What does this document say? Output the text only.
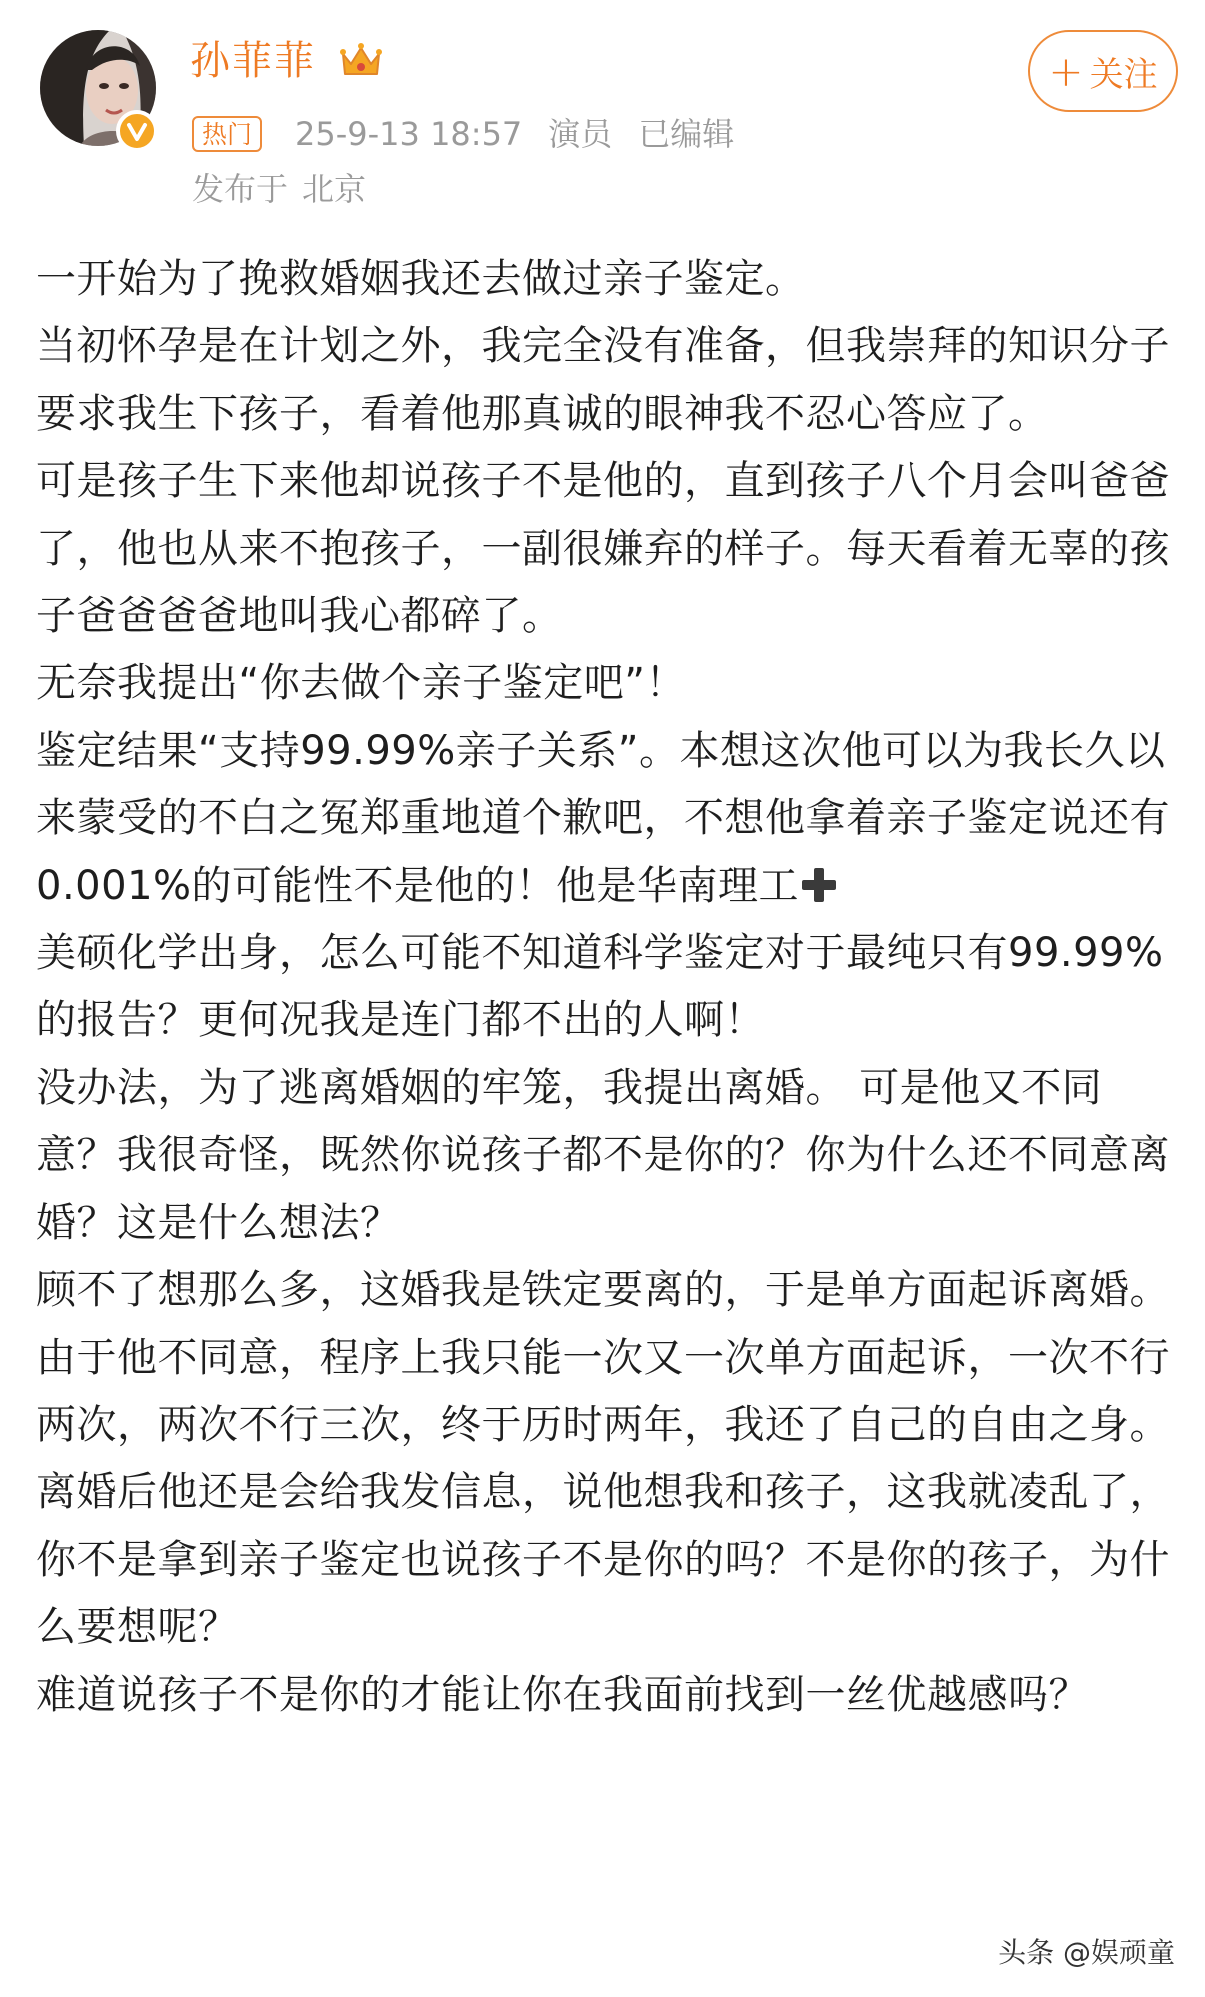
孙菲菲
热门	25-9-13 18:57 演员 已编辑
发布于 北京
+ 关注

一开始为了挽救婚姻我还去做过亲子鉴定。

当初怀孕是在计划之外，我完全没有准备，但我崇拜的知识分子要求我生下孩子，看着他那真诚的眼神我不忍心答应了。

可是孩子生下来他却说孩子不是他的，直到孩子八个月会叫爸爸了，他也从来不抱孩子，一副很嫌弃的样子。每天看着无辜的孩子爸爸爸爸地叫我心都碎了。

无奈我提出“你去做个亲子鉴定吧”！

鉴定结果“支持99.99%亲子关系”。本想这次他可以为我长久以来蒙受的不白之冤郑重地道个歉吧，不想他拿着亲子鉴定说还有0.001%的可能性不是他的！他是华南理工

美硕化学出身，怎么可能不知道科学鉴定对于最纯只有99.99%的报告？更何况我是连门都不出的人啊！

没办法，为了逃离婚姻的牢笼，我提出离婚。 可是他又不同意？我很奇怪，既然你说孩子都不是你的？你为什么还不同意离婚？这是什么想法？

顾不了想那么多，这婚我是铁定要离的，于是单方面起诉离婚。由于他不同意，程序上我只能一次又一次单方面起诉，一次不行两次，两次不行三次，终于历时两年，我还了自己的自由之身。

离婚后他还是会给我发信息，说他想我和孩子，这我就凌乱了，你不是拿到亲子鉴定也说孩子不是你的吗？不是你的孩子，为什么要想呢？

难道说孩子不是你的才能让你在我面前找到一丝优越感吗？

头条 @娱顽童
